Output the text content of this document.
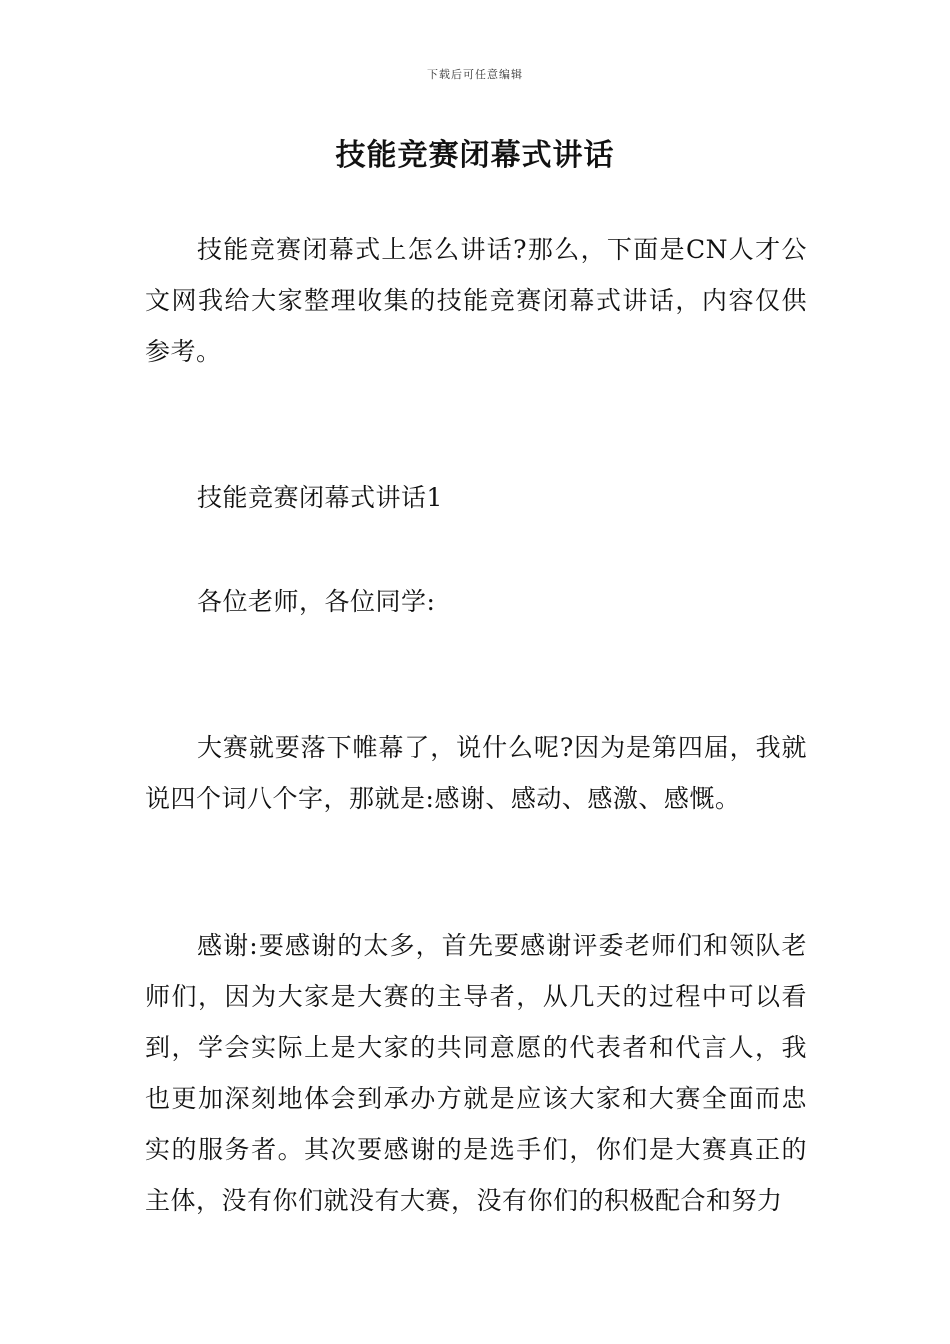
下载后可任意编辑
技能竞赛闭幕式讲话

技能竞赛闭幕式上怎么讲话?那么，下面是CN人才公文网我给大家整理收集的技能竞赛闭幕式讲话，内容仅供参考。

技能竞赛闭幕式讲话1

各位老师，各位同学:

大赛就要落下帷幕了，说什么呢?因为是第四届，我就说四个词八个字，那就是:感谢、感动、感激、感慨。

感谢:要感谢的太多，首先要感谢评委老师们和领队老师们，因为大家是大赛的主导者，从几天的过程中可以看到，学会实际上是大家的共同意愿的代表者和代言人，我也更加深刻地体会到承办方就是应该大家和大赛全面而忠实的服务者。其次要感谢的是选手们，你们是大赛真正的主体，没有你们就没有大赛，没有你们的积极配合和努力
